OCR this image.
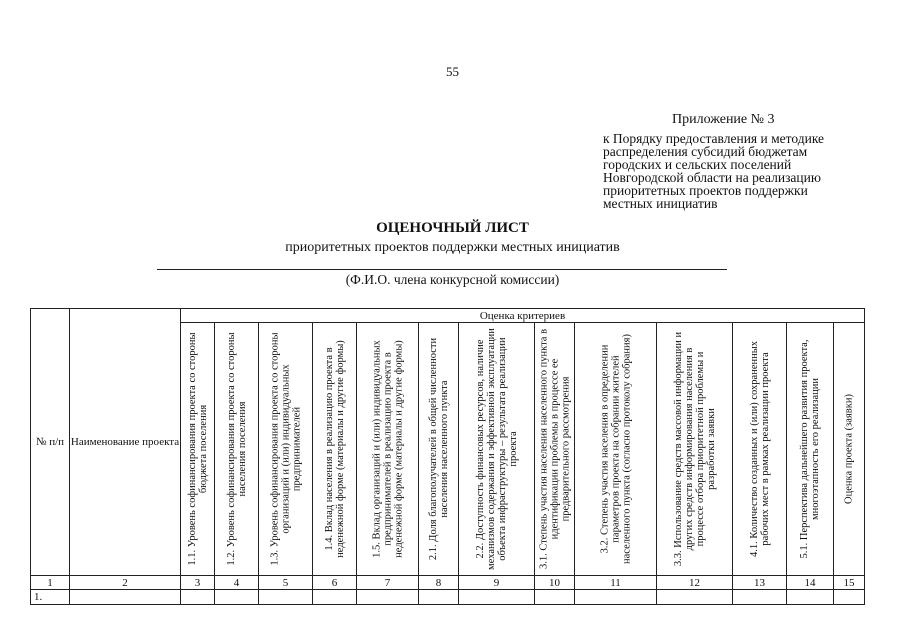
55
Приложение № 3
к Порядку предоставления и методике распределения субсидий бюджетам городских и сельских поселений Новгородской области на реализацию приоритетных проектов поддержки местных инициатив
ОЦЕНОЧНЫЙ ЛИСТ
приоритетных проектов поддержки местных инициатив
(Ф.И.О. члена конкурсной комиссии)
№ п/п	Наименование проекта	Оценка критериев												

		1.1. Уровень софинансирования проекта со стороны бюджета поселения	1.2. Уровень софинансирования проекта со стороны населения поселения	1.3. Уровень софинансирования проекта со стороны организаций и (или) индивидуальных предпринимателей	1.4. Вклад населения в реализацию проекта в неденежной форме (материалы и другие формы)	1.5. Вклад организаций и (или) индивидуальных предпринимателей в реализацию проекта в неденежной форме (материалы и другие формы)	2.1. Доля благополучателей в общей численности населения населенного пункта	2.2. Доступность финансовых ресурсов, наличие механизмов содержания и эффективной эксплуатации объекта инфраструктуры – результата реализации проекта	3.1. Степень участия населения населенного пункта в идентификации проблемы в процессе ее предварительного рассмотрения	3.2. Степень участия населения в определении параметров проекта на собрании жителей населенного пункта (согласно протоколу собрания)	3.3. Использование средств массовой информации и других средств информирования населения в процессе отбора приоритетной проблемы и разработки заявки	4.1. Количество созданных и (или) сохраненных рабочих мест в рамках реализации проекта	5.1. Перспектива дальнейшего развития проекта, многоэтапность его реализации	Оценка проекта (заявки)

1	2	3	4	5	6	7	8	9	10	11	12	13	14	15
1.														
